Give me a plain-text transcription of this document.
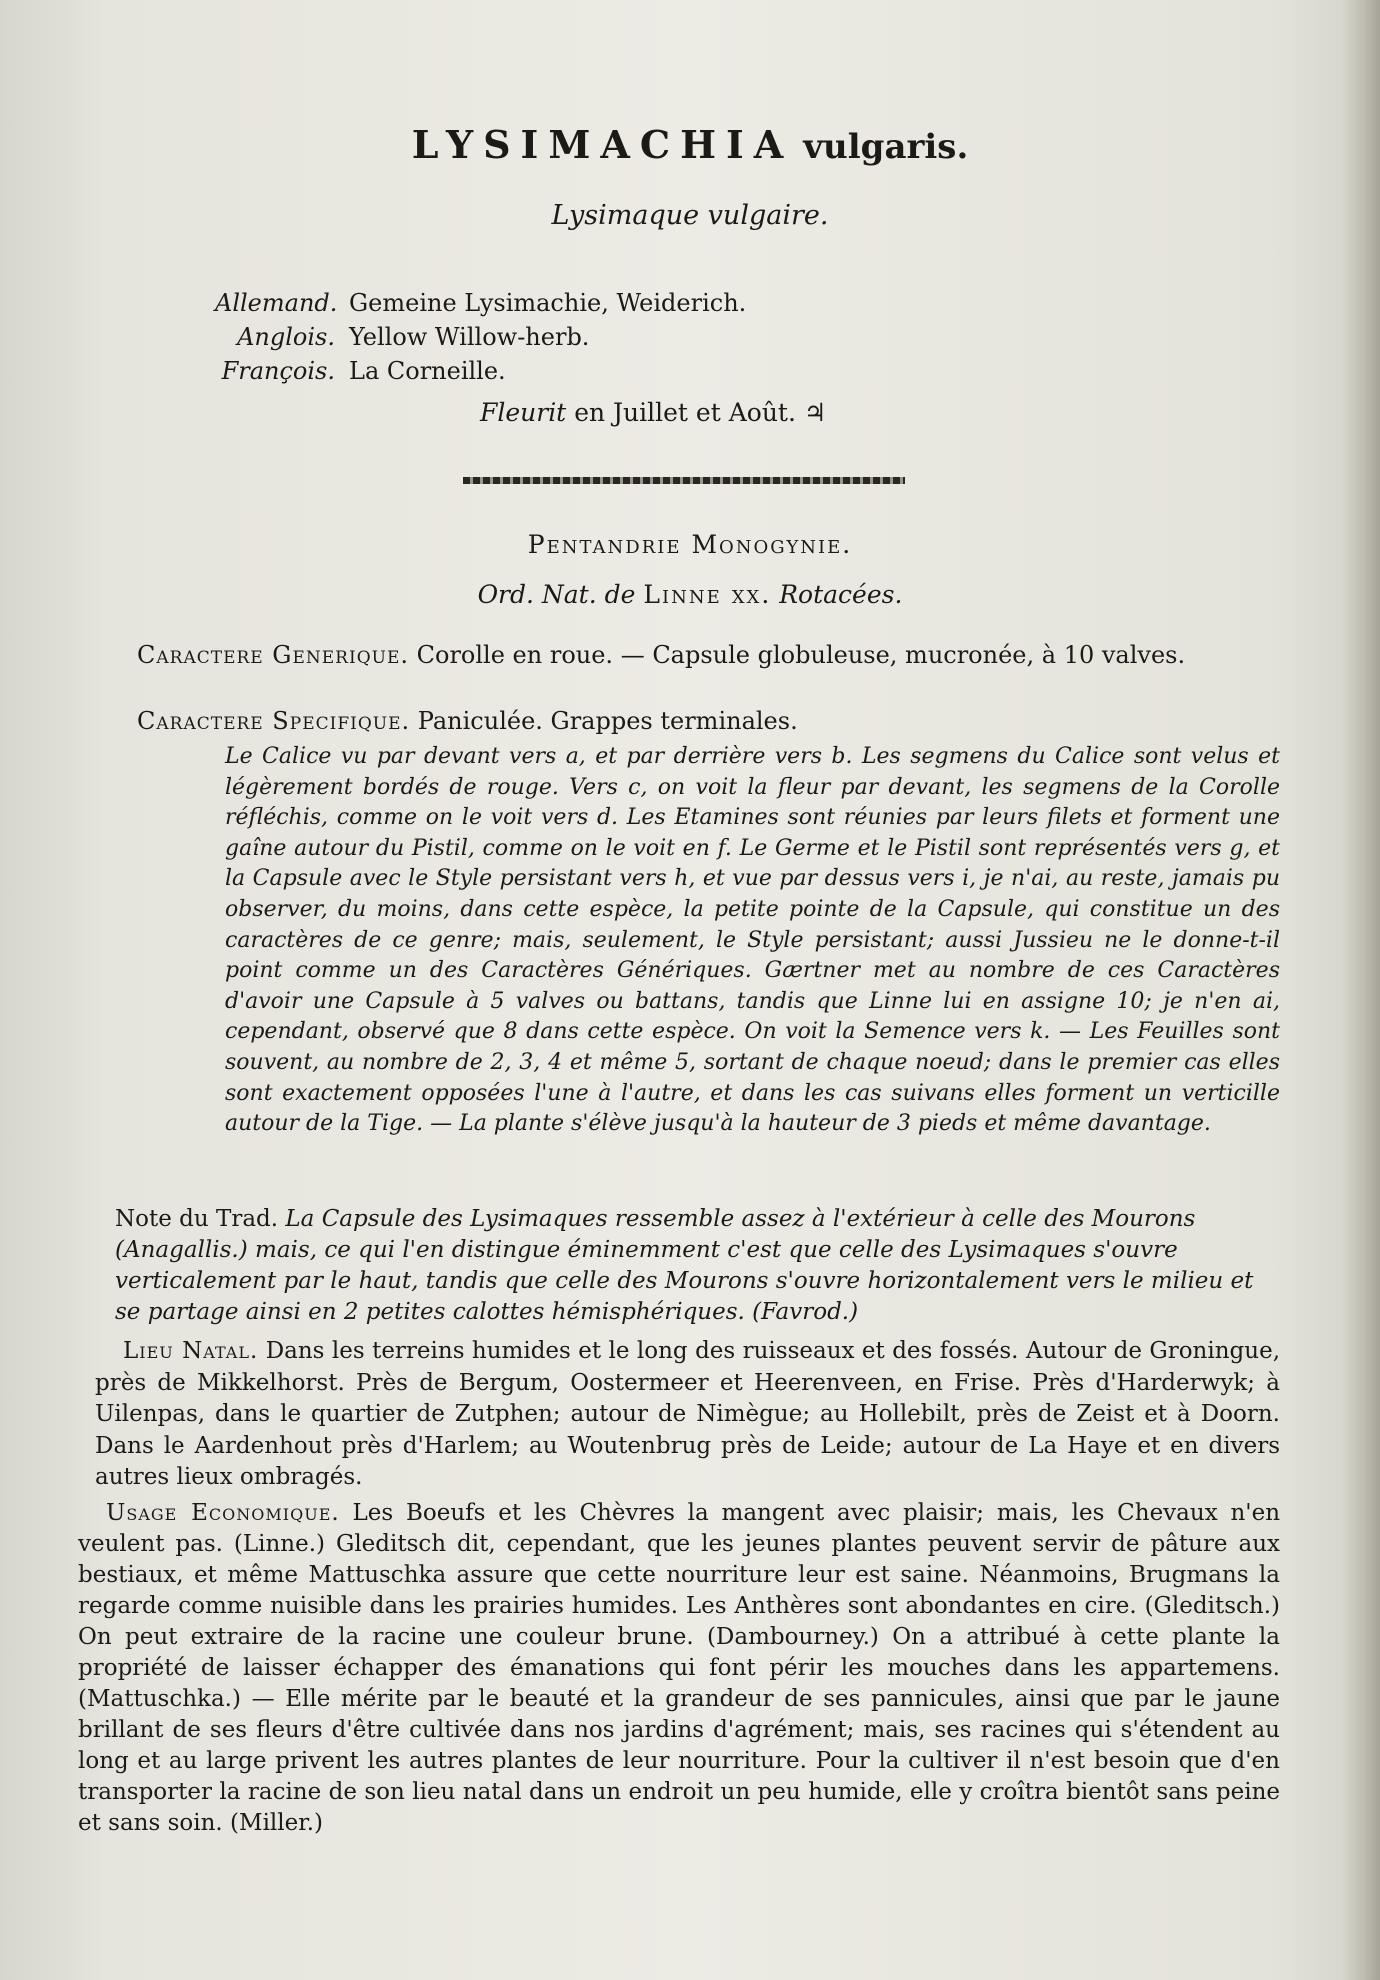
LYSIMACHIA vulgaris.
Lysimaque vulgaire.
Allemand. Gemeine Lysimachie, Weiderich.
Anglois. Yellow Willow-herb.
François. La Corneille.
Fleurit en Juillet et Août. ♃
Pentandrie Monogynie.
Ord. Nat. de Linne xx. Rotacées.
Caractere Generique. Corolle en roue. — Capsule globuleuse, mucronée, à 10 valves.
Caractere Specifique. Paniculée. Grappes terminales.
Le Calice vu par devant vers a, et par derrière vers b. Les segmens du Calice sont velus et légèrement bordés de rouge. Vers c, on voit la fleur par devant, les segmens de la Corolle réfléchis, comme on le voit vers d. Les Etamines sont réunies par leurs filets et forment une gaîne autour du Pistil, comme on le voit en f. Le Germe et le Pistil sont représentés vers g, et la Capsule avec le Style persistant vers h, et vue par dessus vers i, je n'ai, au reste, jamais pu observer, du moins, dans cette espèce, la petite pointe de la Capsule, qui constitue un des caractères de ce genre; mais, seulement, le Style persistant; aussi Jussieu ne le donne-t-il point comme un des Caractères Génériques. Gærtner met au nombre de ces Caractères d'avoir une Capsule à 5 valves ou battans, tandis que Linne lui en assigne 10; je n'en ai, cependant, observé que 8 dans cette espèce. On voit la Semence vers k. — Les Feuilles sont souvent, au nombre de 2, 3, 4 et même 5, sortant de chaque noeud; dans le premier cas elles sont exactement opposées l'une à l'autre, et dans les cas suivans elles forment un verticille autour de la Tige. — La plante s'élève jusqu'à la hauteur de 3 pieds et même davantage.
Note du Trad. La Capsule des Lysimaques ressemble assez à l'extérieur à celle des Mourons (Anagallis.) mais, ce qui l'en distingue éminemment c'est que celle des Lysimaques s'ouvre verticalement par le haut, tandis que celle des Mourons s'ouvre horizontalement vers le milieu et se partage ainsi en 2 petites calottes hémisphériques. (Favrod.)
Lieu Natal. Dans les terreins humides et le long des ruisseaux et des fossés. Autour de Groningue, près de Mikkelhorst. Près de Bergum, Oostermeer et Heerenveen, en Frise. Près d'Harderwyk; à Uilenpas, dans le quartier de Zutphen; autour de Nimègue; au Hollebilt, près de Zeist et à Doorn. Dans le Aardenhout près d'Harlem; au Woutenbrug près de Leide; autour de La Haye et en divers autres lieux ombragés.
Usage Economique. Les Boeufs et les Chèvres la mangent avec plaisir; mais, les Chevaux n'en veulent pas. (Linne.) Gleditsch dit, cependant, que les jeunes plantes peuvent servir de pâture aux bestiaux, et même Mattuschka assure que cette nourriture leur est saine. Néanmoins, Brugmans la regarde comme nuisible dans les prairies humides. Les Anthères sont abondantes en cire. (Gleditsch.) On peut extraire de la racine une couleur brune. (Dambourney.) On a attribué à cette plante la propriété de laisser échapper des émanations qui font périr les mouches dans les appartemens. (Mattuschka.) — Elle mérite par le beauté et la grandeur de ses pannicules, ainsi que par le jaune brillant de ses fleurs d'être cultivée dans nos jardins d'agrément; mais, ses racines qui s'étendent au long et au large privent les autres plantes de leur nourriture. Pour la cultiver il n'est besoin que d'en transporter la racine de son lieu natal dans un endroit un peu humide, elle y croîtra bientôt sans peine et sans soin. (Miller.)
